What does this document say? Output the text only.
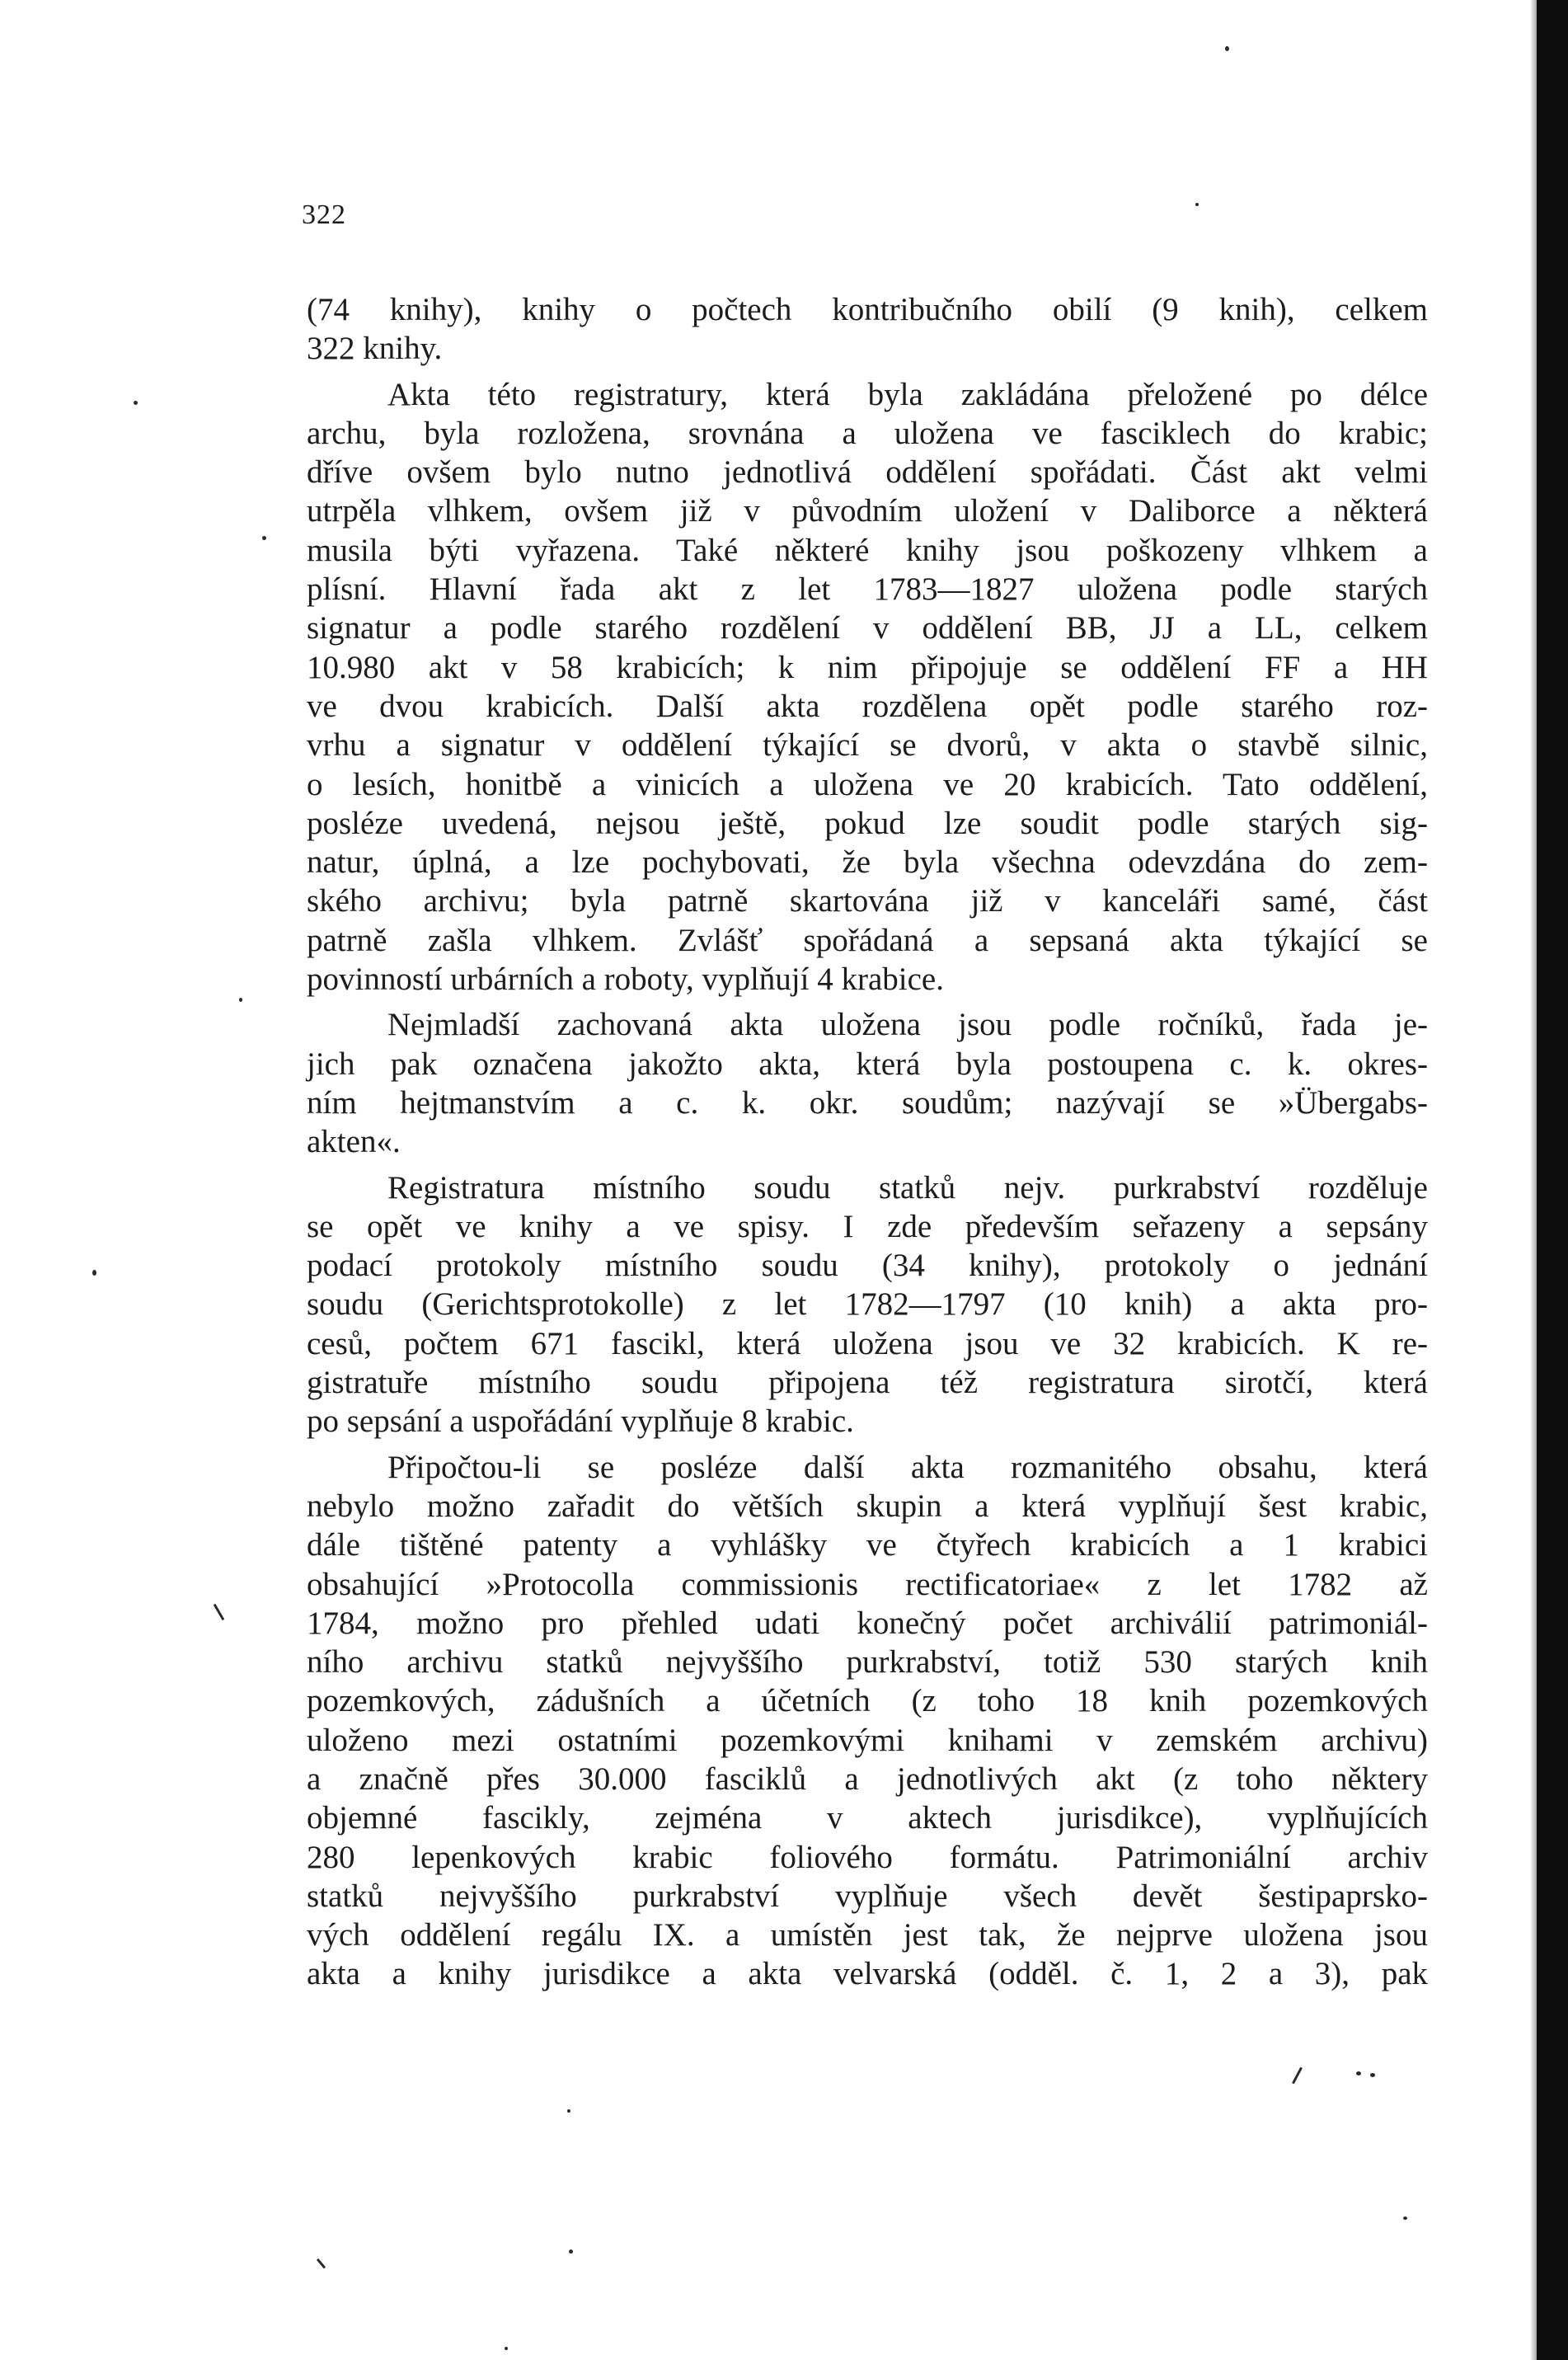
322
(74 knihy), knihy o počtech kontribučního obilí (9 knih), celkem
322 knihy.
Akta této registratury, která byla zakládána přeložené po délce
archu, byla rozložena, srovnána a uložena ve fasciklech do krabic;
dříve ovšem bylo nutno jednotlivá oddělení spořádati. Část akt velmi
utrpěla vlhkem, ovšem již v původním uložení v Daliborce a některá
musila býti vyřazena. Také některé knihy jsou poškozeny vlhkem a
plísní. Hlavní řada akt z let 1783—1827 uložena podle starých
signatur a podle starého rozdělení v oddělení BB, JJ a LL, celkem
10.980 akt v 58 krabicích; k nim připojuje se oddělení FF a HH
ve dvou krabicích. Další akta rozdělena opět podle starého roz-
vrhu a signatur v oddělení týkající se dvorů, v akta o stavbě silnic,
o lesích, honitbě a vinicích a uložena ve 20 krabicích. Tato oddělení,
posléze uvedená, nejsou ještě, pokud lze soudit podle starých sig-
natur, úplná, a lze pochybovati, že byla všechna odevzdána do zem-
ského archivu; byla patrně skartována již v kanceláři samé, část
patrně zašla vlhkem. Zvlášť spořádaná a sepsaná akta týkající se
povinností urbárních a roboty, vyplňují 4 krabice.
Nejmladší zachovaná akta uložena jsou podle ročníků, řada je-
jich pak označena jakožto akta, která byla postoupena c. k. okres-
ním hejtmanstvím a c. k. okr. soudům; nazývají se »Übergabs-
akten«.
Registratura místního soudu statků nejv. purkrabství rozděluje
se opět ve knihy a ve spisy. I zde především seřazeny a sepsány
podací protokoly místního soudu (34 knihy), protokoly o jednání
soudu (Gerichtsprotokolle) z let 1782—1797 (10 knih) a akta pro-
cesů, počtem 671 fascikl, která uložena jsou ve 32 krabicích. K re-
gistratuře místního soudu připojena též registratura sirotčí, která
po sepsání a uspořádání vyplňuje 8 krabic.
Připočtou-li se posléze další akta rozmanitého obsahu, která
nebylo možno zařadit do větších skupin a která vyplňují šest krabic,
dále tištěné patenty a vyhlášky ve čtyřech krabicích a 1 krabici
obsahující »Protocolla commissionis rectificatoriae« z let 1782 až
1784, možno pro přehled udati konečný počet archiválií patrimoniál-
ního archivu statků nejvyššího purkrabství, totiž 530 starých knih
pozemkových, zádušních a účetních (z toho 18 knih pozemkových
uloženo mezi ostatními pozemkovými knihami v zemském archivu)
a značně přes 30.000 fasciklů a jednotlivých akt (z toho některy
objemné fascikly, zejména v aktech jurisdikce), vyplňujících
280 lepenkových krabic foliového formátu. Patrimoniální archiv
statků nejvyššího purkrabství vyplňuje všech devět šestipaprsko-
vých oddělení regálu IX. a umístěn jest tak, že nejprve uložena jsou
akta a knihy jurisdikce a akta velvarská (odděl. č. 1, 2 a 3), pak
